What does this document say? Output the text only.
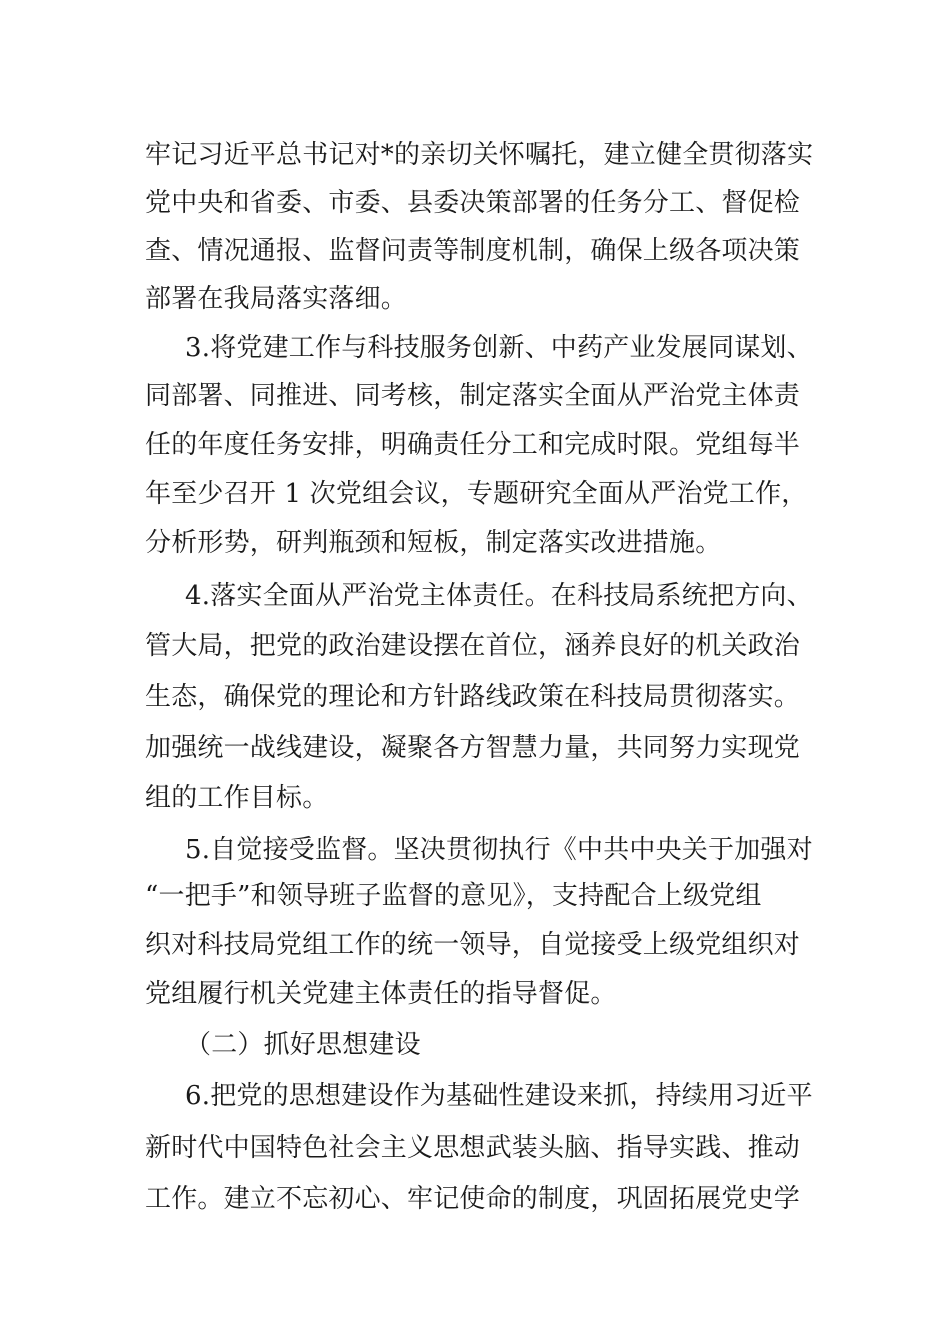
牢记习近平总书记对*的亲切关怀嘱托，建立健全贯彻落实
党中央和省委、市委、县委决策部署的任务分工、督促检
查、情况通报、监督问责等制度机制，确保上级各项决策
部署在我局落实落细。
3.将党建工作与科技服务创新、中药产业发展同谋划、
同部署、同推进、同考核，制定落实全面从严治党主体责
任的年度任务安排，明确责任分工和完成时限。党组每半
年至少召开 1 次党组会议，专题研究全面从严治党工作，
分析形势，研判瓶颈和短板，制定落实改进措施。
4.落实全面从严治党主体责任。在科技局系统把方向、
管大局，把党的政治建设摆在首位，涵养良好的机关政治
生态，确保党的理论和方针路线政策在科技局贯彻落实。
加强统一战线建设，凝聚各方智慧力量，共同努力实现党
组的工作目标。
5.自觉接受监督。坚决贯彻执行《中共中央关于加强对
“一把手”和领导班子监督的意见》，支持配合上级党组
织对科技局党组工作的统一领导，自觉接受上级党组织对
党组履行机关党建主体责任的指导督促。
（二）抓好思想建设
6.把党的思想建设作为基础性建设来抓，持续用习近平
新时代中国特色社会主义思想武装头脑、指导实践、推动
工作。建立不忘初心、牢记使命的制度，巩固拓展党史学
